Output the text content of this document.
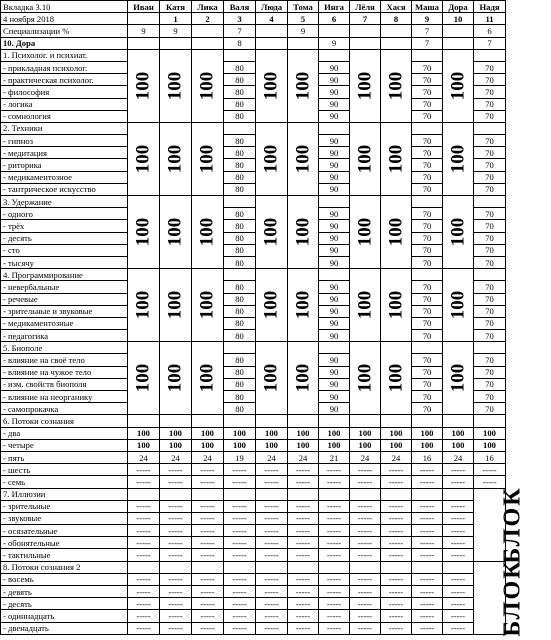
Вкладка 3.10	Иван	Катя	Лика	Валя	Люда	Тома	Инга	Лёля	Хася	Маша	Дора	Надя
4 ноября 2018		1	2	3	4	5	6	7	8	9	10	11
Специализации %	9	9		7		9				7		6
10. Дора				8			9			7		7
1. Психолог. и психиат.	100	100	100		100	100		100	100		100	
- прикладная психолог.				80			90			70		70
- практическая психолог.				80			90			70		70
- философия				80			90			70		70
- логика				80			90			70		70
- сомнология				80			90			70		70
2. Техники	100	100	100		100	100		100	100		100	
- гипноз				80			90			70		70
- медитация				80			90			70		70
- риторика				80			90			70		70
- медикаментозное				80			90			70		70
- тантрическое искусство				80			90			70		70
3. Удержание	100	100	100		100	100		100	100		100	
- одного				80			90			70		70
- трёх				80			90			70		70
- десять				80			90			70		70
- сто				80			90			70		70
- тысячу				80			90			70		70
4. Программирование	100	100	100		100	100		100	100		100	
- невербальные				80			90			70		70
- речевые				80			90			70		70
- зрительные и звуковые				80			90			70		70
- медикаментозные				80			90			70		70
- педагогика				80			90			70		70
5. Биополе	100	100	100		100	100		100	100		100	
- влияние на своё тело				80			90			70		70
- влияние на чужое тело				80			90			70		70
- изм. свойств биополя				80			90			70		70
- влияние на неорганику				80			90			70		70
- самопрокачка				80			90			70		70
6. Потоки сознания												
- два	100	100	100	100	100	100	100	100	100	100	100	100
- четыре	100	100	100	100	100	100	100	100	100	100	100	100
- пять	24	24	24	19	24	24	21	24	24	16	24	16
- шесть	-----	-----	-----	-----	-----	-----	-----	-----	-----	-----	-----	-----
- семь	-----	-----	-----	-----	-----	-----	-----	-----	-----	-----	-----	-----
7. Иллюзии												БЛОК
- зрительные	-----	-----	-----	-----	-----	-----	-----	-----	-----	-----	-----	
- звуковые	-----	-----	-----	-----	-----	-----	-----	-----	-----	-----	-----	
- осязательные	-----	-----	-----	-----	-----	-----	-----	-----	-----	-----	-----	
- обонятельные	-----	-----	-----	-----	-----	-----	-----	-----	-----	-----	-----	
- тактильные	-----	-----	-----	-----	-----	-----	-----	-----	-----	-----	-----	
8. Потоки сознания 2												БЛОК
- восемь	-----	-----	-----	-----	-----	-----	-----	-----	-----	-----	-----	
- девять	-----	-----	-----	-----	-----	-----	-----	-----	-----	-----	-----	
- десять	-----	-----	-----	-----	-----	-----	-----	-----	-----	-----	-----	
- одиннадцать	-----	-----	-----	-----	-----	-----	-----	-----	-----	-----	-----	
- двенадцать	-----	-----	-----	-----	-----	-----	-----	-----	-----	-----	-----	
